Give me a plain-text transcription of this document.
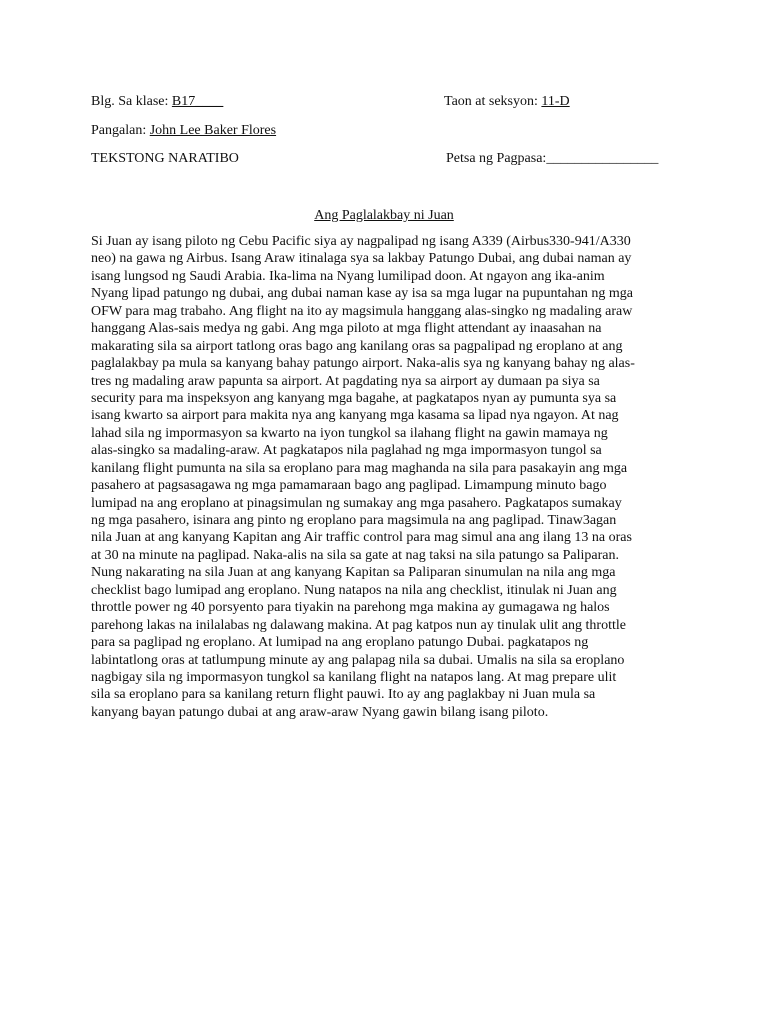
Blg. Sa klase: B17____	Taon at seksyon: 11-D
Pangalan: John Lee Baker Flores
TEKSTONG NARATIBO	Petsa ng Pagpasa:________________
Ang Paglalakbay ni Juan
Si Juan ay isang piloto ng Cebu Pacific siya ay nagpalipad ng isang A339 (Airbus330-941/A330
neo) na gawa ng Airbus. Isang Araw itinalaga sya sa lakbay Patungo Dubai, ang dubai naman ay
isang lungsod ng Saudi Arabia. Ika-lima na Nyang lumilipad doon. At ngayon ang ika-anim
Nyang lipad patungo ng dubai, ang dubai naman kase ay isa sa mga lugar na pupuntahan ng mga
OFW para mag trabaho. Ang flight na ito ay magsimula hanggang alas-singko ng madaling araw
hanggang Alas-sais medya ng gabi. Ang mga piloto at mga flight attendant ay inaasahan na
makarating sila sa airport tatlong oras bago ang kanilang oras sa pagpalipad ng eroplano at ang
paglalakbay pa mula sa kanyang bahay patungo airport. Naka-alis sya ng kanyang bahay ng alas-
tres ng madaling araw papunta sa airport. At pagdating nya sa airport ay dumaan pa siya sa
security para ma inspeksyon ang kanyang mga bagahe, at pagkatapos nyan ay pumunta sya sa
isang kwarto sa airport para makita nya ang kanyang mga kasama sa lipad nya ngayon. At nag
lahad sila ng impormasyon sa kwarto na iyon tungkol sa ilahang flight na gawin mamaya ng
alas-singko sa madaling-araw. At pagkatapos nila paglahad ng mga impormasyon tungol sa
kanilang flight pumunta na sila sa eroplano para mag maghanda na sila para pasakayin ang mga
pasahero at pagsasagawa ng mga pamamaraan bago ang paglipad. Limampung minuto bago
lumipad na ang eroplano at pinagsimulan ng sumakay ang mga pasahero. Pagkatapos sumakay
ng mga pasahero, isinara ang pinto ng eroplano para magsimula na ang paglipad. Tinaw3agan
nila Juan at ang kanyang Kapitan ang Air traffic control para mag simul ana ang ilang 13 na oras
at 30 na minute na paglipad. Naka-alis na sila sa gate at nag taksi na sila patungo sa Paliparan.
Nung nakarating na sila Juan at ang kanyang Kapitan sa Paliparan sinumulan na nila ang mga
checklist bago lumipad ang eroplano. Nung natapos na nila ang checklist, itinulak ni Juan ang
throttle power ng 40 porsyento para tiyakin na parehong mga makina ay gumagawa ng halos
parehong lakas na inilalabas ng dalawang makina. At pag katpos nun ay tinulak ulit ang throttle
para sa paglipad ng eroplano. At lumipad na ang eroplano patungo Dubai. pagkatapos ng
labintatlong oras at tatlumpung minute ay ang palapag nila sa dubai. Umalis na sila sa eroplano
nagbigay sila ng impormasyon tungkol sa kanilang flight na natapos lang. At mag prepare ulit
sila sa eroplano para sa kanilang return flight pauwi. Ito ay ang paglakbay ni Juan mula sa
kanyang bayan patungo dubai at ang araw-araw Nyang gawin bilang isang piloto.
